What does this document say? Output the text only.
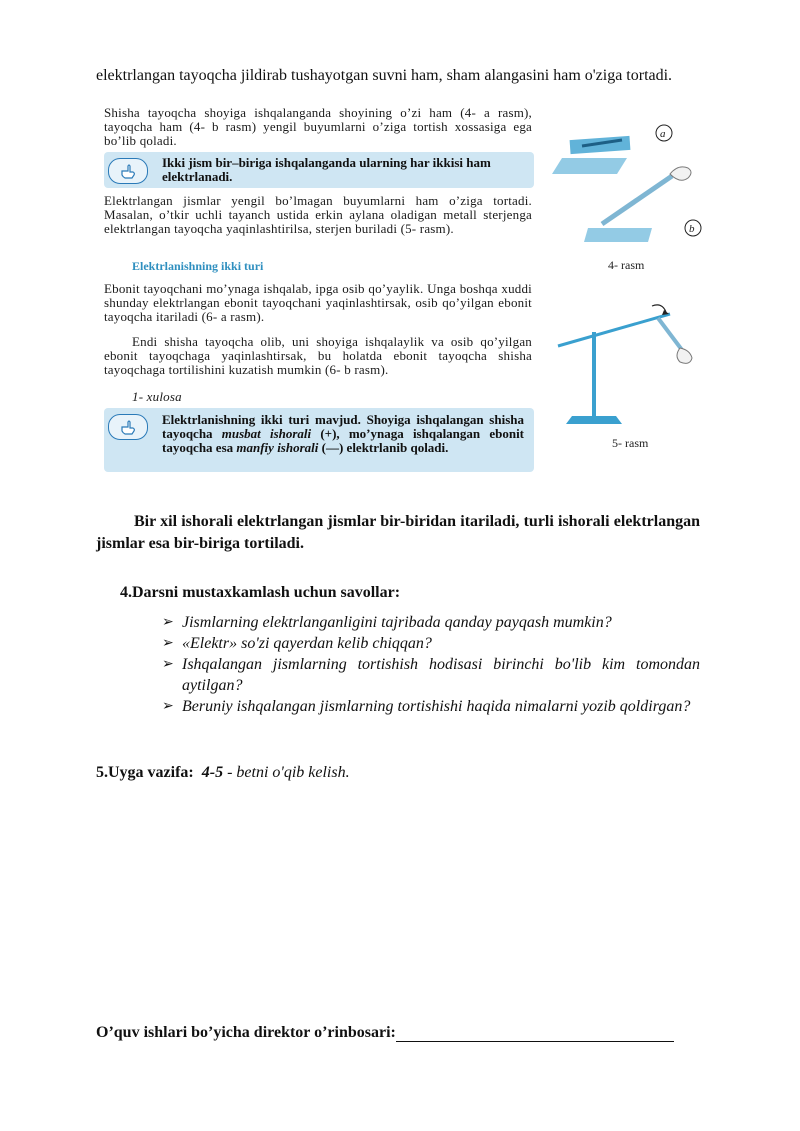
elektrlangan tayoqcha jildirab tushayotgan suvni ham, sham alangasini ham o'ziga tortadi.
Shisha tayoqcha shoyiga ishqalanganda shoyining o’zi ham (4- a rasm), tayoqcha ham (4- b rasm) yengil buyumlarni o’ziga tortish xossasiga ega bo’lib qoladi.
Ikki jism bir–biriga ishqalanganda ularning har ikkisi ham elektrlanadi.
Elektrlangan jismlar yengil bo’lmagan buyumlarni ham o’ziga tortadi. Masalan, o’tkir uchli tayanch ustida erkin aylana oladigan metall sterjenga elektrlangan tayoqcha yaqinlashtirilsa, sterjen buriladi (5- rasm).
Elektrlanishning ikki turi
Ebonit tayoqchani mo’ynaga ishqalab, ipga osib qo’yaylik. Unga boshqa xuddi shunday elektrlangan ebonit tayoqchani yaqinlashtirsak, osib qo’yilgan ebonit tayoqcha itariladi (6- a rasm).
Endi shisha tayoqcha olib, uni shoyiga ishqalaylik va osib qo’yilgan ebonit tayoqchaga yaqinlashtirsak, bu holatda ebonit tayoqcha shisha tayoqchaga tortilishini kuzatish mumkin (6- b rasm).
1- xulosa
Elektrlanishning ikki turi mavjud. Shoyiga ishqalangan shisha tayoqcha musbat ishorali (+), mo’ynaga ishqalangan ebonit tayoqcha esa manfiy ishorali (—) elektrlanib qoladi.
a
b
4- rasm
5- rasm
Bir xil ishorali elektrlangan jismlar bir-biridan itariladi, turli ishorali elektrlangan jismlar esa bir-biriga tortiladi.
4.Darsni mustaxkamlash uchun savollar:
➢ Jismlarning elektrlanganligini tajribada qanday payqash mumkin?
➢ «Elektr» so'zi qayerdan kelib chiqqan?
➢ Ishqalangan jismlarning tortishish hodisasi birinchi bo'lib kim tomondan aytilgan?
➢ Beruniy ishqalangan jismlarning tortishishi haqida nimalarni yozib qoldirgan?
5.Uyga vazifa: 4-5 - betni o'qib kelish.
O’quv ishlari bo’yicha direktor o’rinbosari:
